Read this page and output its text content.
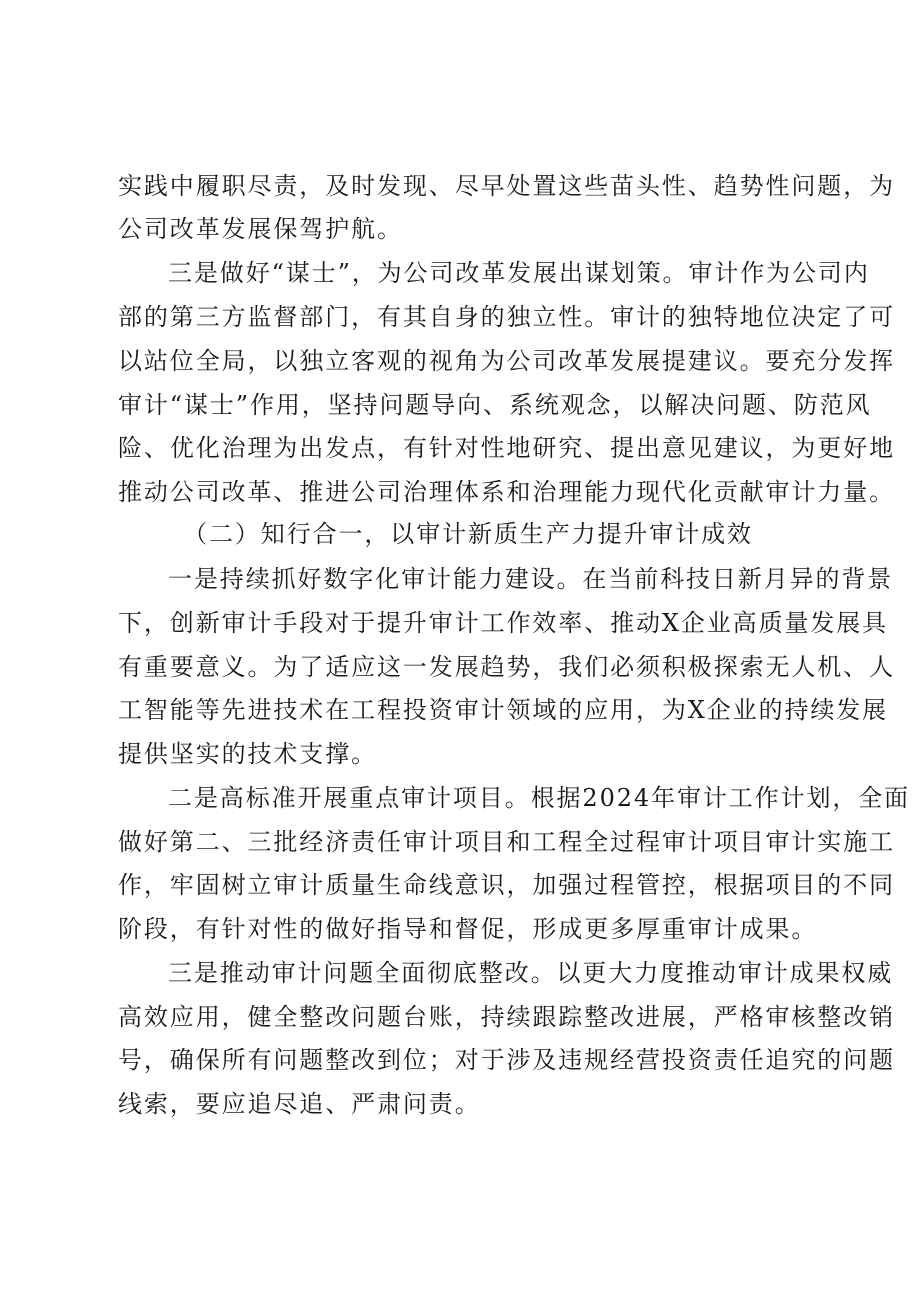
实践中履职尽责，及时发现、尽早处置这些苗头性、趋势性问题，为
公司改革发展保驾护航。
三是做好“谋士”，为公司改革发展出谋划策。审计作为公司内
部的第三方监督部门，有其自身的独立性。审计的独特地位决定了可
以站位全局，以独立客观的视角为公司改革发展提建议。要充分发挥
审计“谋士”作用，坚持问题导向、系统观念，以解决问题、防范风
险、优化治理为出发点，有针对性地研究、提出意见建议，为更好地
推动公司改革、推进公司治理体系和治理能力现代化贡献审计力量。
（二）知行合一，以审计新质生产力提升审计成效
一是持续抓好数字化审计能力建设。在当前科技日新月异的背景
下，创新审计手段对于提升审计工作效率、推动X企业高质量发展具
有重要意义。为了适应这一发展趋势，我们必须积极探索无人机、人
工智能等先进技术在工程投资审计领域的应用，为X企业的持续发展
提供坚实的技术支撑。
二是高标准开展重点审计项目。根据2024年审计工作计划，全面
做好第二、三批经济责任审计项目和工程全过程审计项目审计实施工
作，牢固树立审计质量生命线意识，加强过程管控，根据项目的不同
阶段，有针对性的做好指导和督促，形成更多厚重审计成果。
三是推动审计问题全面彻底整改。以更大力度推动审计成果权威
高效应用，健全整改问题台账，持续跟踪整改进展，严格审核整改销
号，确保所有问题整改到位；对于涉及违规经营投资责任追究的问题
线索，要应追尽追、严肃问责。
